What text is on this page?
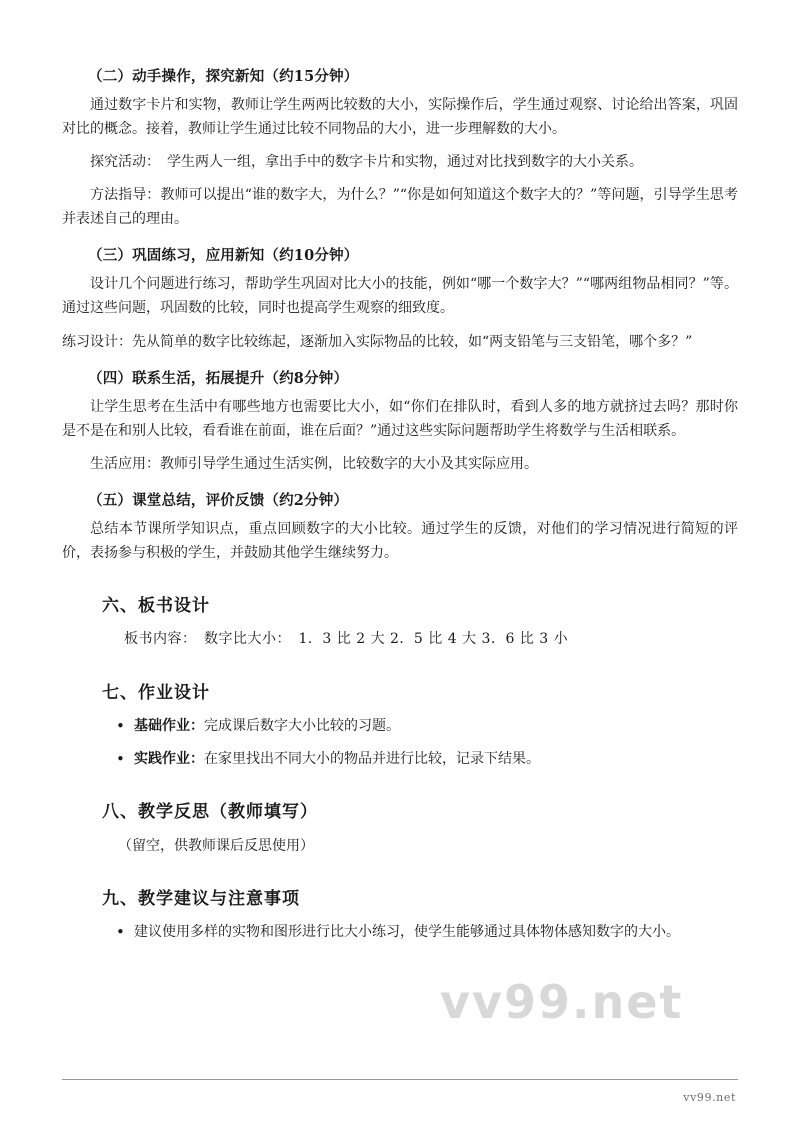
vv99.net
（二）动手操作，探究新知（约15分钟）

通过数字卡片和实物，教师让学生两两比较数的大小，实际操作后，学生通过观察、讨论给出答案，巩固对比的概念。接着，教师让学生通过比较不同物品的大小，进一步理解数的大小。

探究活动：　学生两人一组，拿出手中的数字卡片和实物，通过对比找到数字的大小关系。

方法指导：教师可以提出“谁的数字大，为什么？”“你是如何知道这个数字大的？”等问题，引导学生思考并表述自己的理由。

（三）巩固练习，应用新知（约10分钟）

设计几个问题进行练习，帮助学生巩固对比大小的技能，例如“哪一个数字大？”“哪两组物品相同？”等。通过这些问题，巩固数的比较，同时也提高学生观察的细致度。

练习设计：先从简单的数字比较练起，逐渐加入实际物品的比较，如“两支铅笔与三支铅笔，哪个多？”

（四）联系生活，拓展提升（约8分钟）

让学生思考在生活中有哪些地方也需要比大小，如“你们在排队时，看到人多的地方就挤过去吗？那时你是不是在和别人比较，看看谁在前面，谁在后面？”通过这些实际问题帮助学生将数学与生活相联系。

生活应用：教师引导学生通过生活实例，比较数字的大小及其实际应用。

（五）课堂总结，评价反馈（约2分钟）

总结本节课所学知识点，重点回顾数字的大小比较。通过学生的反馈，对他们的学习情况进行简短的评价，表扬参与积极的学生，并鼓励其他学生继续努力。

六、板书设计
板书内容：　数字比大小：　1．3 比 2 大 2．5 比 4 大 3．6 比 3 小
七、作业设计
• 基础作业：完成课后数字大小比较的习题。
• 实践作业：在家里找出不同大小的物品并进行比较，记录下结果。
八、教学反思（教师填写）
（留空，供教师课后反思使用）
九、教学建议与注意事项
• 建议使用多样的实物和图形进行比大小练习，使学生能够通过具体物体感知数字的大小。
vv99.net
